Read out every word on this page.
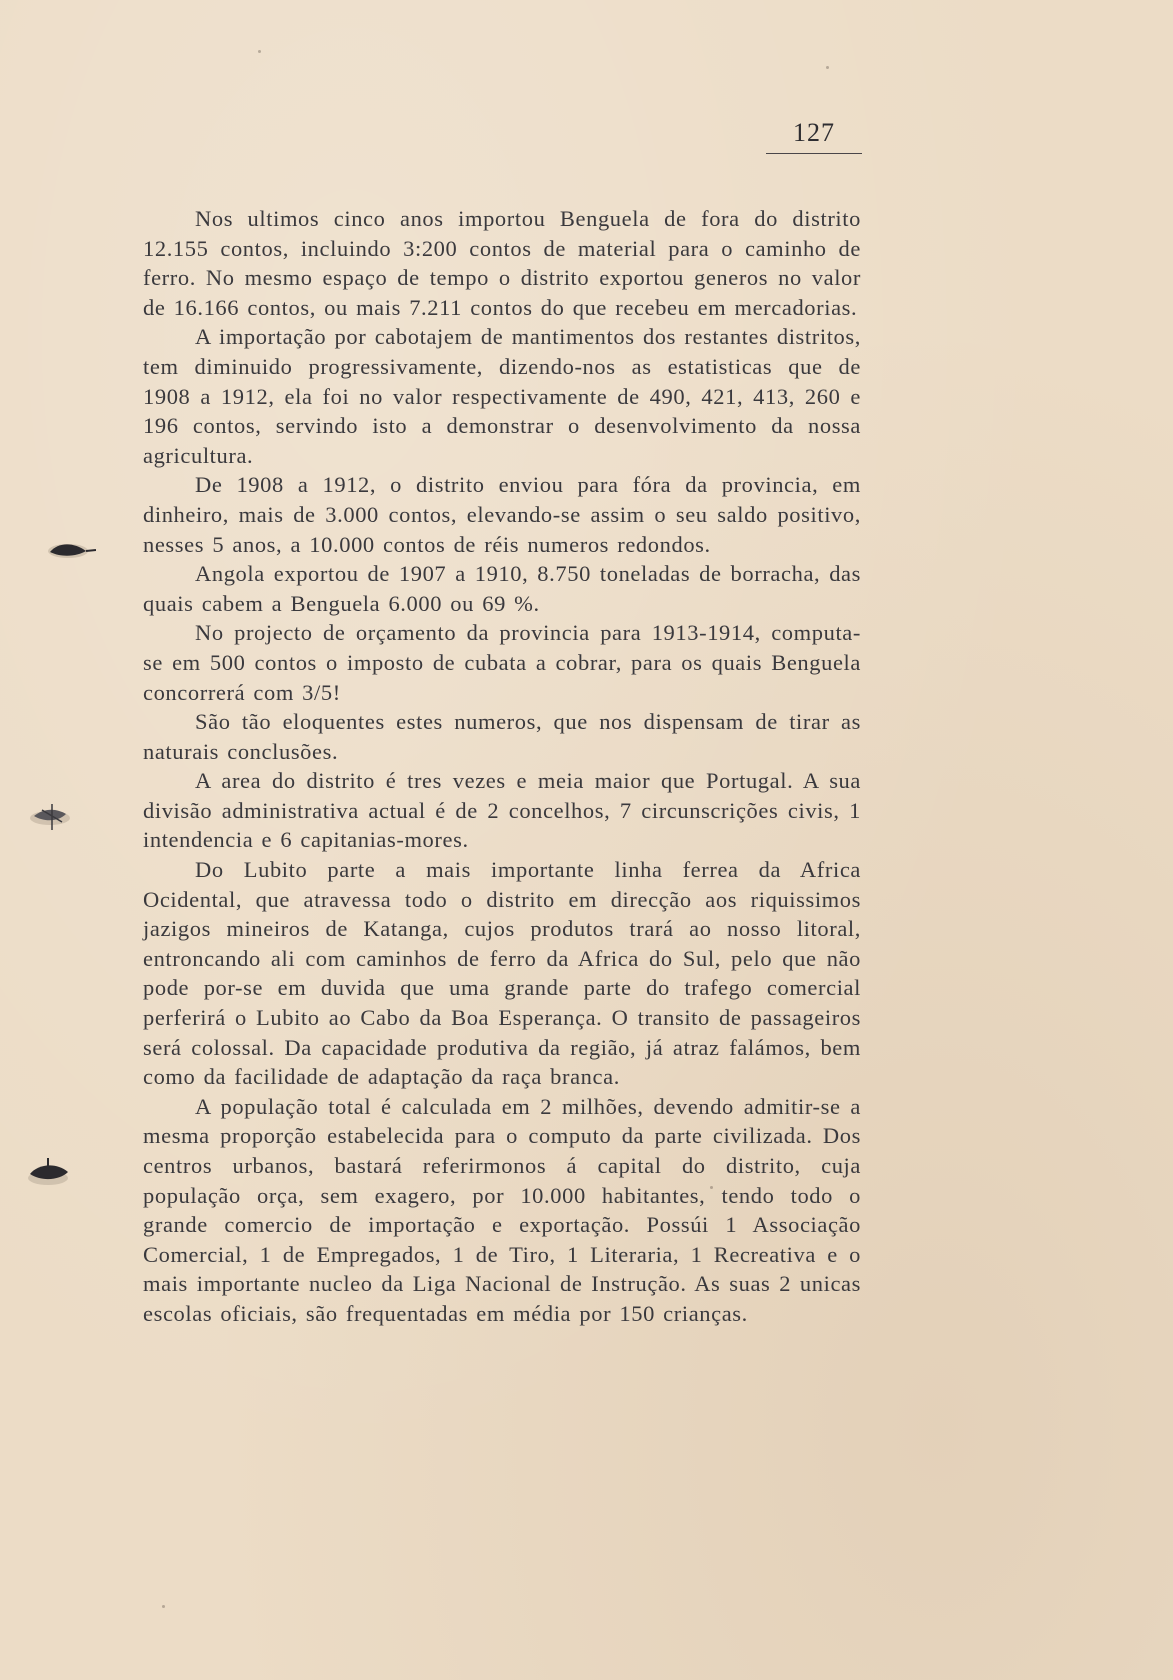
127

Nos ultimos cinco anos importou Benguela de fora do distrito 12.155 contos, incluindo 3:200 contos de material para o caminho de ferro. No mesmo espaço de tempo o distrito exportou generos no valor de 16.166 contos, ou mais 7.211 contos do que recebeu em mercadorias.

A importação por cabotajem de mantimentos dos restantes distritos, tem diminuido progressivamente, dizendo-nos as estatisticas que de 1908 a 1912, ela foi no valor respectivamente de 490, 421, 413, 260 e 196 contos, servindo isto a demonstrar o desenvolvimento da nossa agricultura.

De 1908 a 1912, o distrito enviou para fóra da provincia, em dinheiro, mais de 3.000 contos, elevando-se assim o seu saldo positivo, nesses 5 anos, a 10.000 contos de réis numeros redondos.

Angola exportou de 1907 a 1910, 8.750 toneladas de borracha, das quais cabem a Benguela 6.000 ou 69 %.

No projecto de orçamento da provincia para 1913-1914, computa-se em 500 contos o imposto de cubata a cobrar, para os quais Benguela concorrerá com 3/5!

São tão eloquentes estes numeros, que nos dispensam de tirar as naturais conclusões.

A area do distrito é tres vezes e meia maior que Portugal. A sua divisão administrativa actual é de 2 concelhos, 7 circunscrições civis, 1 intendencia e 6 capitanias-mores.

Do Lubito parte a mais importante linha ferrea da Africa Ocidental, que atravessa todo o distrito em direcção aos riquissimos jazigos mineiros de Katanga, cujos produtos trará ao nosso litoral, entroncando ali com caminhos de ferro da Africa do Sul, pelo que não pode por-se em duvida que uma grande parte do trafego comercial perferirá o Lubito ao Cabo da Boa Esperança. O transito de passageiros será colossal. Da capacidade produtiva da região, já atraz falámos, bem como da facilidade de adaptação da raça branca.

A população total é calculada em 2 milhões, devendo admitir-se a mesma proporção estabelecida para o computo da parte civilizada. Dos centros urbanos, bastará referirmonos á capital do distrito, cuja população orça, sem exagero, por 10.000 habitantes, tendo todo o grande comercio de importação e exportação. Possúi 1 Associação Comercial, 1 de Empregados, 1 de Tiro, 1 Literaria, 1 Recreativa e o mais importante nucleo da Liga Nacional de Instrução. As suas 2 unicas escolas oficiais, são frequentadas em média por 150 crianças.
